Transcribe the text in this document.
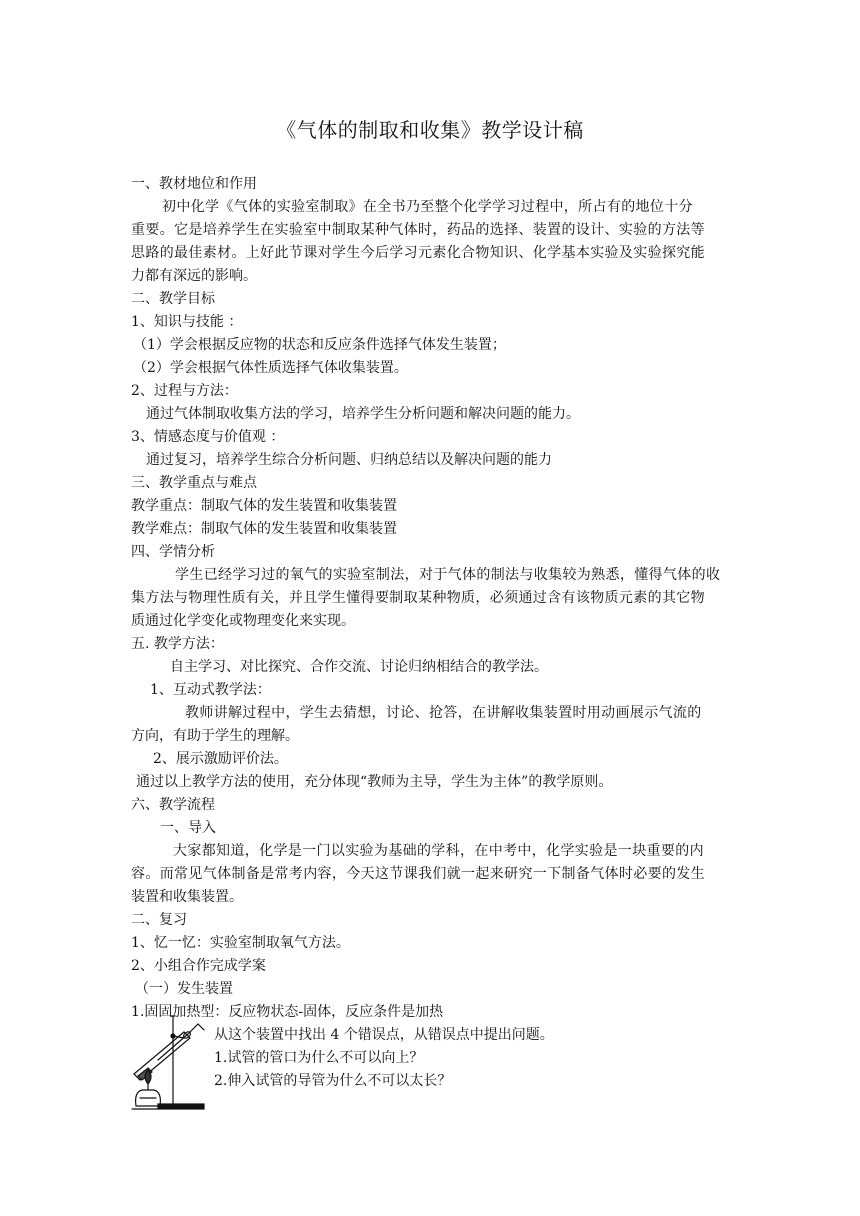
《气体的制取和收集》教学设计稿
一、教材地位和作用
初中化学《气体的实验室制取》在全书乃至整个化学学习过程中，所占有的地位十分
重要。它是培养学生在实验室中制取某种气体时，药品的选择、装置的设计、实验的方法等
思路的最佳素材。上好此节课对学生今后学习元素化合物知识、化学基本实验及实验探究能
力都有深远的影响。
二、教学目标
1、知识与技能 ：
（1）学会根据反应物的状态和反应条件选择气体发生装置；
（2）学会根据气体性质选择气体收集装置。
2、过程与方法：
通过气体制取收集方法的学习，培养学生分析问题和解决问题的能力。
3、情感态度与价值观 ：
通过复习，培养学生综合分析问题、归纳总结以及解决问题的能力
三、教学重点与难点
教学重点：制取气体的发生装置和收集装置
教学难点：制取气体的发生装置和收集装置
四、学情分析
学生已经学习过的氧气的实验室制法，对于气体的制法与收集较为熟悉，懂得气体的收
集方法与物理性质有关，并且学生懂得要制取某种物质，必须通过含有该物质元素的其它物
质通过化学变化或物理变化来实现。
五. 教学方法：
自主学习、对比探究、合作交流、讨论归纳相结合的教学法。
1、互动式教学法：
教师讲解过程中，学生去猜想，讨论、抢答，在讲解收集装置时用动画展示气流的
方向，有助于学生的理解。
2、展示激励评价法。
通过以上教学方法的使用，充分体现“教师为主导，学生为主体”的教学原则。
六、教学流程
一、导入
大家都知道，化学是一门以实验为基础的学科，在中考中，化学实验是一块重要的内
容。而常见气体制备是常考内容，今天这节课我们就一起来研究一下制备气体时必要的发生
装置和收集装置。
二、复习
1、忆一忆：实验室制取氧气方法。
2、小组合作完成学案
（一）发生装置
1.固固加热型：反应物状态-固体，反应条件是加热
从这个装置中找出 4 个错误点，从错误点中提出问题。
1.试管的管口为什么不可以向上？
2.伸入试管的导管为什么不可以太长？
